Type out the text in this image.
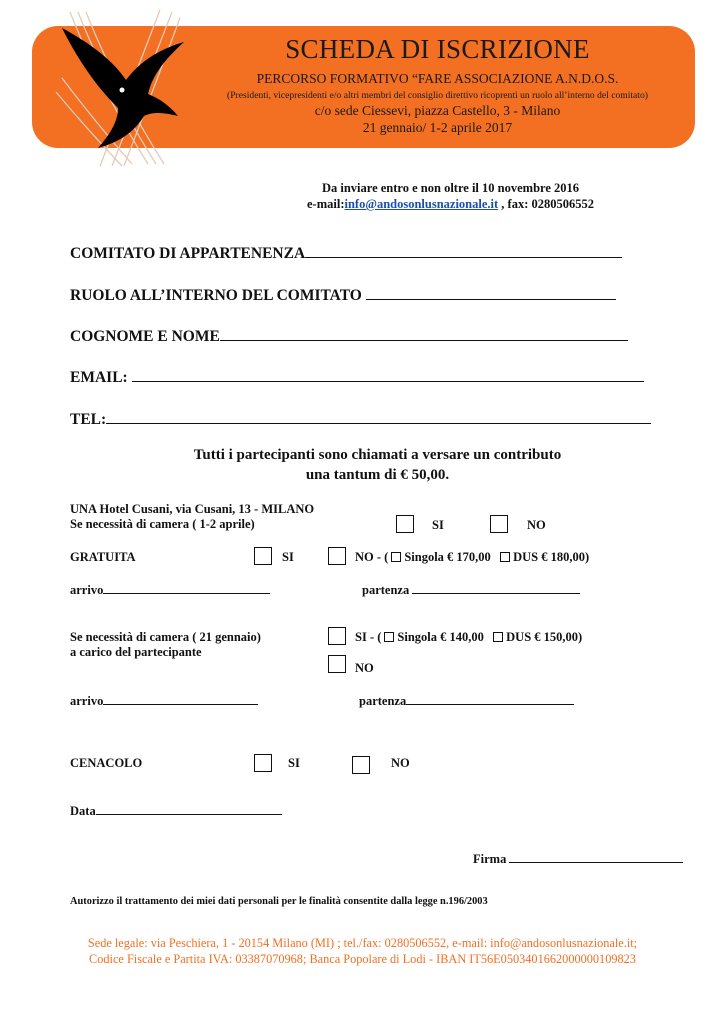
SCHEDA DI ISCRIZIONE
PERCORSO FORMATIVO “FARE ASSOCIAZIONE A.N.D.O.S.
(Presidenti, vicepresidenti e/o altri membri del consiglio direttivo ricoprenti un ruolo all’interno del comitato)
c/o sede Ciessevi, piazza Castello, 3 - Milano
21 gennaio/ 1-2 aprile 2017
Da inviare entro e non oltre il 10 novembre 2016
e-mail:info@andosonlusnazionale.it , fax: 0280506552
COMITATO DI APPARTENENZA
RUOLO ALL’INTERNO DEL COMITATO
COGNOME E NOME
EMAIL:
TEL:
Tutti i partecipanti sono chiamati a versare un contributo
una tantum di € 50,00.
UNA Hotel Cusani, via Cusani, 13 - MILANO
Se necessità di camera ( 1-2 aprile)	SI	NO
GRATUITA	SI	NO - ( Singola € 170,00 DUS € 180,00)
arrivo	partenza
Se necessità di camera ( 21 gennaio)
a carico del partecipante
SI - ( Singola € 140,00 DUS € 150,00)
NO
arrivo	partenza
CENACOLO	SI	NO
Data
Firma
Autorizzo il trattamento dei miei dati personali per le finalità consentite dalla legge n.196/2003
Sede legale: via Peschiera, 1 - 20154 Milano (MI) ; tel./fax: 0280506552, e-mail: info@andosonlusnazionale.it;
Codice Fiscale e Partita IVA: 03387070968; Banca Popolare di Lodi - IBAN IT56E0503401662000000109823
